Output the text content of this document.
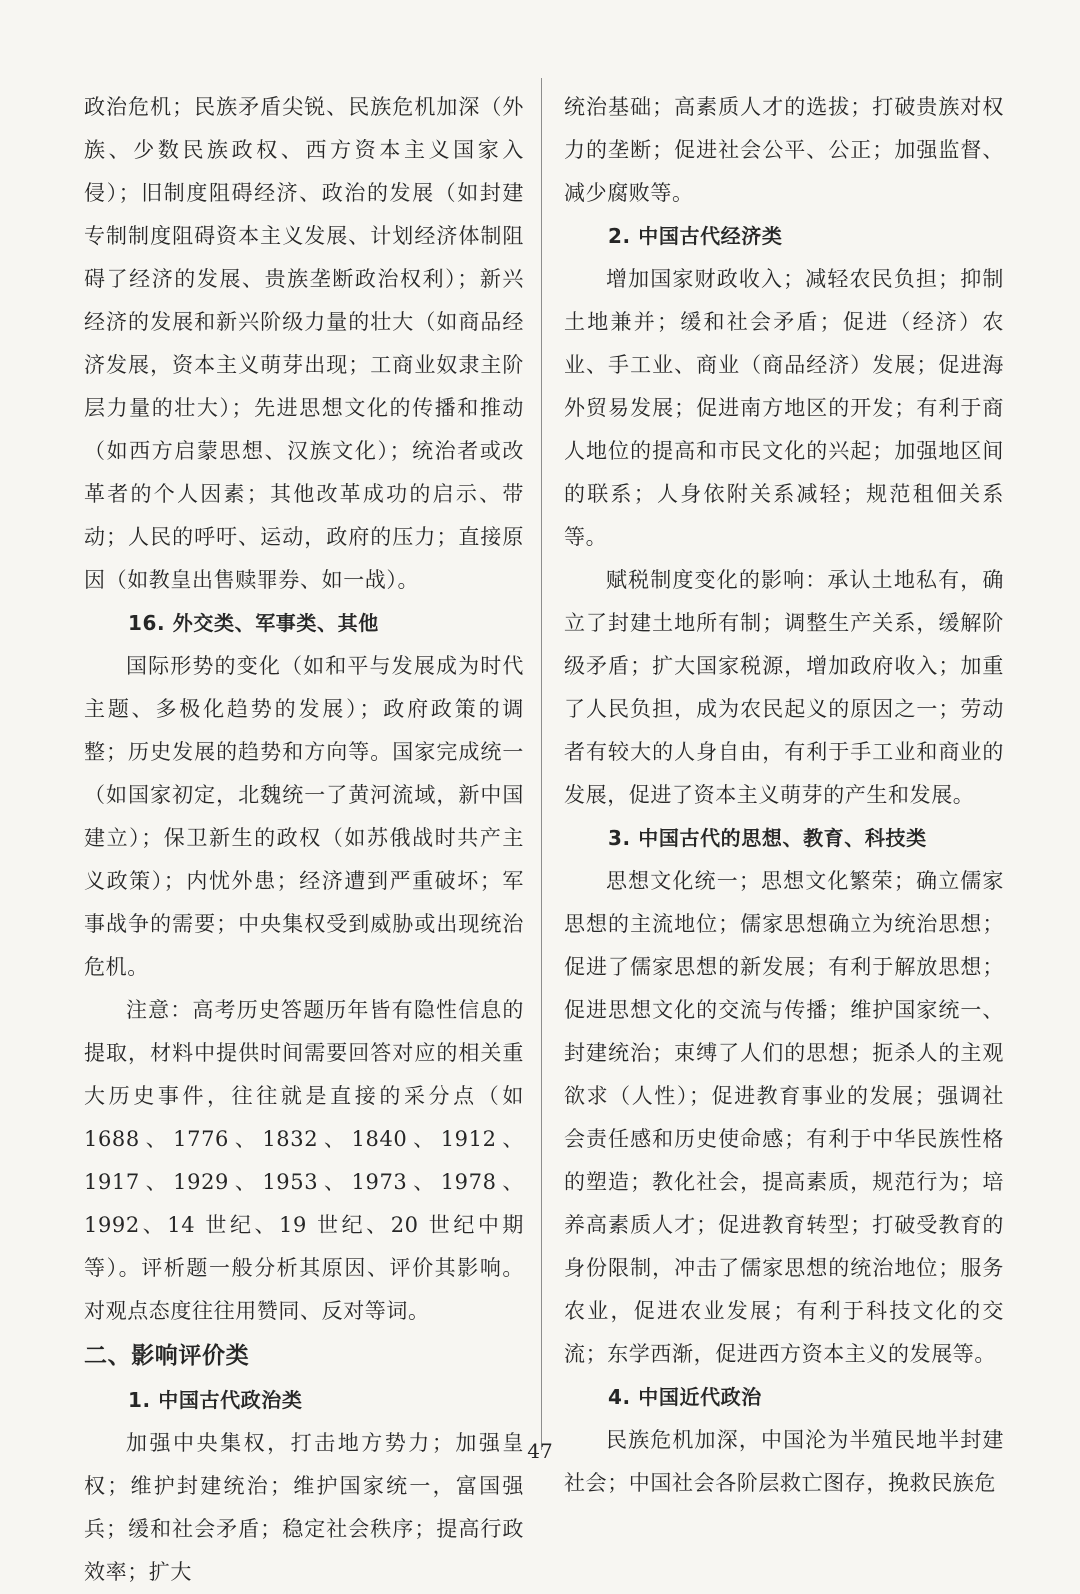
政治危机；民族矛盾尖锐、民族危机加深（外族、少数民族政权、西方资本主义国家入侵）；旧制度阻碍经济、政治的发展（如封建专制制度阻碍资本主义发展、计划经济体制阻碍了经济的发展、贵族垄断政治权利）；新兴经济的发展和新兴阶级力量的壮大（如商品经济发展，资本主义萌芽出现；工商业奴隶主阶层力量的壮大）；先进思想文化的传播和推动（如西方启蒙思想、汉族文化）；统治者或改革者的个人因素；其他改革成功的启示、带动；人民的呼吁、运动，政府的压力；直接原因（如教皇出售赎罪券、如一战）。

16. 外交类、军事类、其他

国际形势的变化（如和平与发展成为时代主题、多极化趋势的发展）；政府政策的调整；历史发展的趋势和方向等。国家完成统一（如国家初定，北魏统一了黄河流域，新中国建立）；保卫新生的政权（如苏俄战时共产主义政策）；内忧外患；经济遭到严重破坏；军事战争的需要；中央集权受到威胁或出现统治危机。

注意：高考历史答题历年皆有隐性信息的提取，材料中提供时间需要回答对应的相关重大历史事件，往往就是直接的采分点（如 1688、1776、1832、1840、1912、1917、1929、1953、1973、1978、1992、14 世纪、19 世纪、20 世纪中期等）。评析题一般分析其原因、评价其影响。对观点态度往往用赞同、反对等词。

二、影响评价类
1. 中国古代政治类

加强中央集权，打击地方势力；加强皇权；维护封建统治；维护国家统一，富国强兵；缓和社会矛盾；稳定社会秩序；提高行政效率；扩大

统治基础；高素质人才的选拔；打破贵族对权力的垄断；促进社会公平、公正；加强监督、减少腐败等。

2. 中国古代经济类

增加国家财政收入；减轻农民负担；抑制土地兼并；缓和社会矛盾；促进（经济）农业、手工业、商业（商品经济）发展；促进海外贸易发展；促进南方地区的开发；有利于商人地位的提高和市民文化的兴起；加强地区间的联系；人身依附关系减轻；规范租佃关系等。

赋税制度变化的影响：承认土地私有，确立了封建土地所有制；调整生产关系，缓解阶级矛盾；扩大国家税源，增加政府收入；加重了人民负担，成为农民起义的原因之一；劳动者有较大的人身自由，有利于手工业和商业的发展，促进了资本主义萌芽的产生和发展。

3. 中国古代的思想、教育、科技类

思想文化统一；思想文化繁荣；确立儒家思想的主流地位；儒家思想确立为统治思想；促进了儒家思想的新发展；有利于解放思想；促进思想文化的交流与传播；维护国家统一、封建统治；束缚了人们的思想；扼杀人的主观欲求（人性）；促进教育事业的发展；强调社会责任感和历史使命感；有利于中华民族性格的塑造；教化社会，提高素质，规范行为；培养高素质人才；促进教育转型；打破受教育的身份限制，冲击了儒家思想的统治地位；服务农业，促进农业发展；有利于科技文化的交流；东学西渐，促进西方资本主义的发展等。

4. 中国近代政治

民族危机加深，中国沦为半殖民地半封建社会；中国社会各阶层救亡图存，挽救民族危

47
